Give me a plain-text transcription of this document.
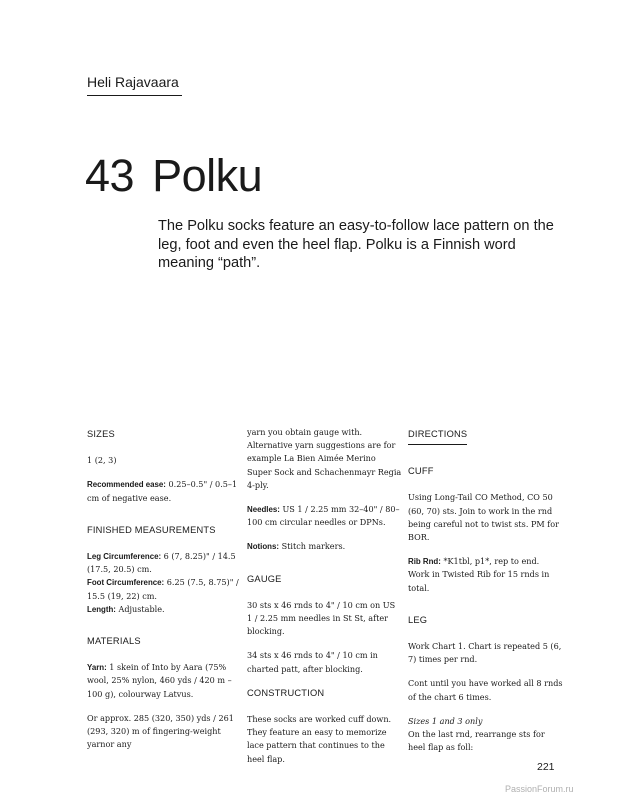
Heli Rajavaara
43 Polku

The Polku socks feature an easy-to-follow lace pattern on the leg, foot and even the heel flap. Polku is a Finnish word meaning “path”.

SIZES

1 (2, 3)

Recommended ease: 0.25–0.5" / 0.5–1 cm of negative ease.

FINISHED MEASUREMENTS
Leg Circumference: 6 (7, 8.25)" / 14.5 (17.5, 20.5) cm.
Foot Circumference: 6.25 (7.5, 8.75)" / 15.5 (19, 22) cm.

Length: Adjustable.

MATERIALS

Yarn: 1 skein of Into by Aara (75% wool, 25% nylon, 460 yds / 420 m – 100 g), colourway Latvus.

Or approx. 285 (320, 350) yds / 261 (293, 320) m of fingering-weight yarnor any

yarn you obtain gauge with. Alternative yarn suggestions are for example La Bien Aimée Merino Super Sock and Schachenmayr Regia 4-ply.

Needles: US 1 / 2.25 mm 32–40" / 80–100 cm circular needles or DPNs.

Notions: Stitch markers.

GAUGE

30 sts x 46 rnds to 4" / 10 cm on US 1 / 2.25 mm needles in St St, after blocking.

34 sts x 46 rnds to 4" / 10 cm in charted patt, after blocking.

CONSTRUCTION

These socks are worked cuff down. They feature an easy to memorize lace pattern that continues to the heel flap.

DIRECTIONS
CUFF

Using Long-Tail CO Method, CO 50 (60, 70) sts. Join to work in the rnd being careful not to twist sts. PM for BOR.

Rib Rnd: *K1tbl, p1*, rep to end.

Work in Twisted Rib for 15 rnds in total.

LEG

Work Chart 1. Chart is repeated 5 (6, 7) times per rnd.

Cont until you have worked all 8 rnds of the chart 6 times.

Sizes 1 and 3 only

On the last rnd, rearrange sts for heel flap as foll:

221
PassionForum.ru
